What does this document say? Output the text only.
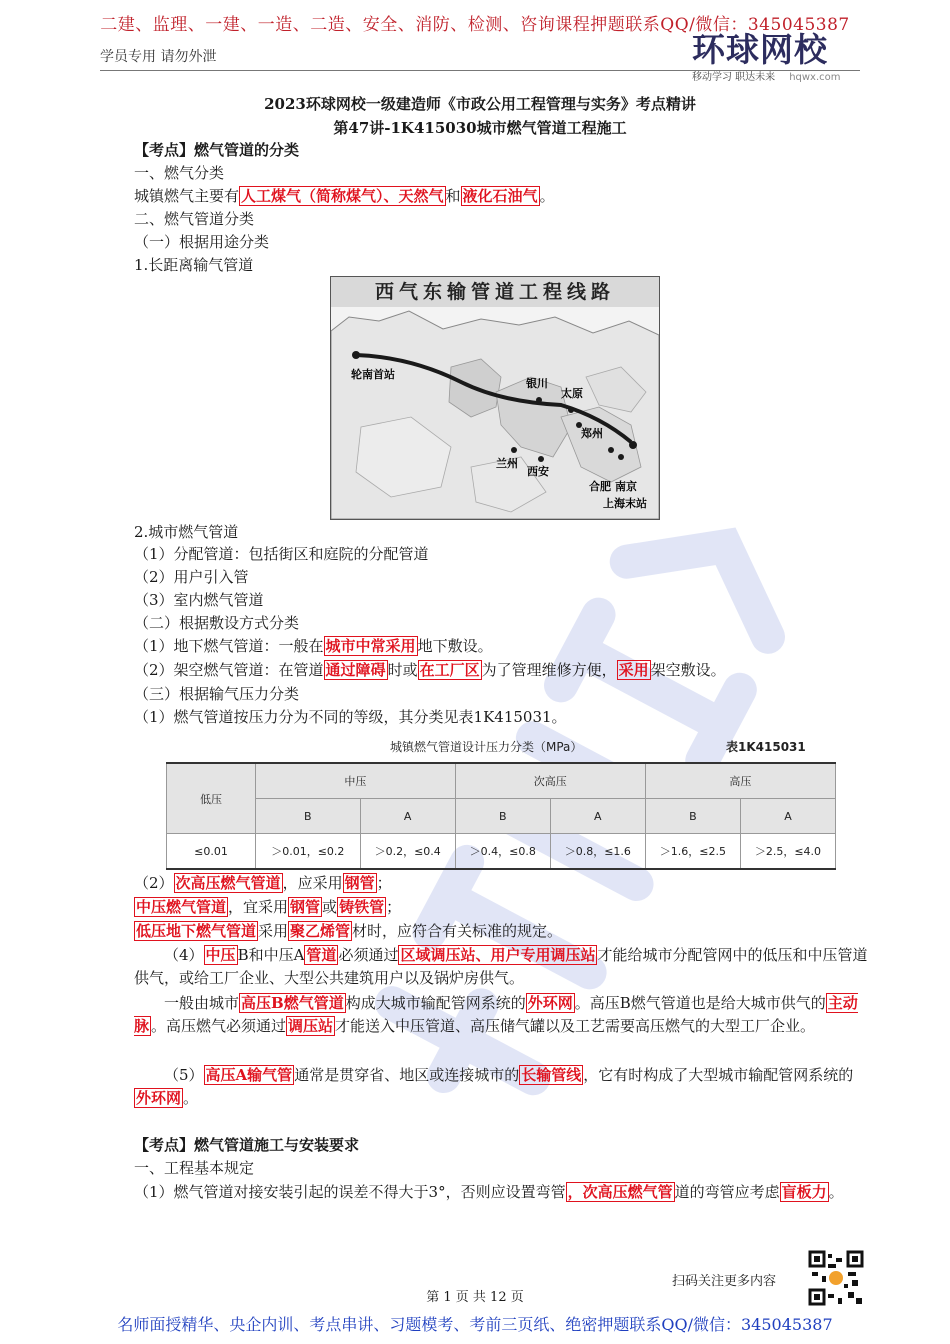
二建、监理、一建、一造、二造、安全、消防、检测、咨询课程押题联系QQ/微信：345045387
学员专用 请勿外泄	环球网校
移动学习 职达未来 hqwx.com
2023环球网校一级建造师《市政公用工程管理与实务》考点精讲
第47讲-1K415030城市燃气管道工程施工
【考点】燃气管道的分类
一、燃气分类
城镇燃气主要有 人工煤气（简称煤气）、天然气 和 液化石油气 。
二、燃气管道分类
（一）根据用途分类
1.长距离输气管道
西气东输管道工程线路
轮南首站
银川
太原
郑州
兰州
西安
合肥 南京
上海末站
2.城市燃气管道
（1）分配管道：包括街区和庭院的分配管道
（2）用户引入管
（3）室内燃气管道
（二）根据敷设方式分类
（1）地下燃气管道：一般在 城市中常采用 地下敷设。
（2）架空燃气管道：在管道 通过障碍 时或 在工厂区 为了管理维修方便， 采用 架空敷设。
（三）根据输气压力分类
（1）燃气管道按压力分为不同的等级，其分类见表1K415031。
城镇燃气管道设计压力分类（MPa）	表1K415031
低压	中压		次高压		高压	
	B	A	B	A	B	A
≤0.01	＞0.01，≤0.2	＞0.2，≤0.4	＞0.4，≤0.8	＞0.8，≤1.6	＞1.6，≤2.5	＞2.5，≤4.0
（2） 次高压燃气管道 ，应采用 钢管 ；
中压燃气管道 ，宜采用 钢管 或 铸铁管 ；
低压地下燃气管道 采用 聚乙烯管 材时，应符合有关标准的规定。
（4） 中压 B和中压A 管道 必须通过 区域调压站、用户专用调压站 才能给城市分配管网中的低压和中压管道供气，或给工厂企业、大型公共建筑用户以及锅炉房供气。
一般由城市 高压B燃气管道 构成大城市输配管网系统的 外环网 。高压B燃气管道也是给大城市供气的 主动脉 。高压燃气必须通过 调压站 才能送入中压管道、高压储气罐以及工艺需要高压燃气的大型工厂企业。
（5） 高压A输气管 通常是贯穿省、地区或连接城市的 长输管线 ，它有时构成了大型城市输配管网系统的外环网 。
【考点】燃气管道施工与安装要求
一、工程基本规定
（1）燃气管道对接安装引起的误差不得大于3°，否则应设置弯管 ，次高压燃气管 道的弯管应考虑 盲板力 。
扫码关注更多内容
第 1 页 共 12 页
名师面授精华、央企内训、考点串讲、习题模考、考前三页纸、绝密押题联系QQ/微信：345045387
